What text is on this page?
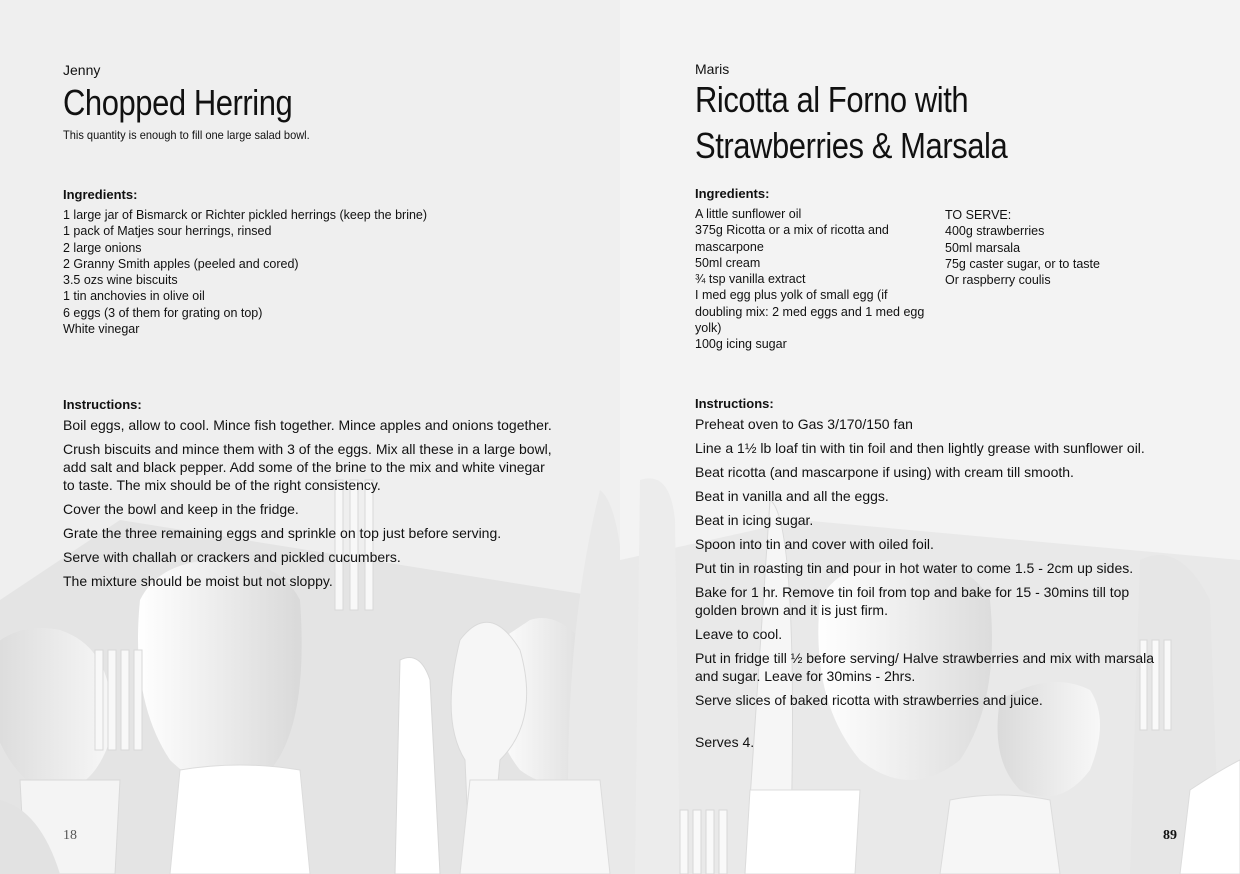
Jenny

Chopped Herring

This quantity is enough to fill one large salad bowl.

Ingredients:

1 large jar of Bismarck or Richter pickled herrings (keep the brine)
1 pack of Matjes sour herrings, rinsed
2 large onions
2 Granny Smith apples (peeled and cored)
3.5 ozs wine biscuits
1 tin anchovies in olive oil
6 eggs (3 of them for grating on top)
White vinegar

Instructions:

Boil eggs, allow to cool. Mince fish together. Mince apples and onions together.
Crush biscuits and mince them with 3 of the eggs. Mix all these in a large bowl, add salt and black pepper. Add some of the brine to the mix and white vinegar to taste. The mix should be of the right consistency.
Cover the bowl and keep in the fridge.
Grate the three remaining eggs and sprinkle on top just before serving.
Serve with challah or crackers and pickled cucumbers.
The mixture should be moist but not sloppy.
18

Maris

Ricotta al Forno with
Strawberries & Marsala

Ingredients:

A little sunflower oil
375g Ricotta or a mix of ricotta and mascarpone
50ml cream
¾ tsp vanilla extract
I med egg plus yolk of small egg (if doubling mix: 2 med eggs and 1 med egg yolk)
100g icing sugar
TO SERVE:
400g strawberries
50ml marsala
75g caster sugar, or to taste
Or raspberry coulis

Instructions:

Preheat oven to Gas 3/170/150 fan
Line a 1½ lb loaf tin with tin foil and then lightly grease with sunflower oil.
Beat ricotta (and mascarpone if using) with cream till smooth.
Beat in vanilla and all the eggs.
Beat in icing sugar.
Spoon into tin and cover with oiled foil.
Put tin in roasting tin and pour in hot water to come 1.5 - 2cm up sides.
Bake for 1 hr. Remove tin foil from top and bake for 15 - 30mins till top golden brown and it is just firm.
Leave to cool.
Put in fridge till ½ before serving/ Halve strawberries and mix with marsala and sugar. Leave for 30mins - 2hrs.
Serve slices of baked ricotta with strawberries and juice.

Serves 4.

89
